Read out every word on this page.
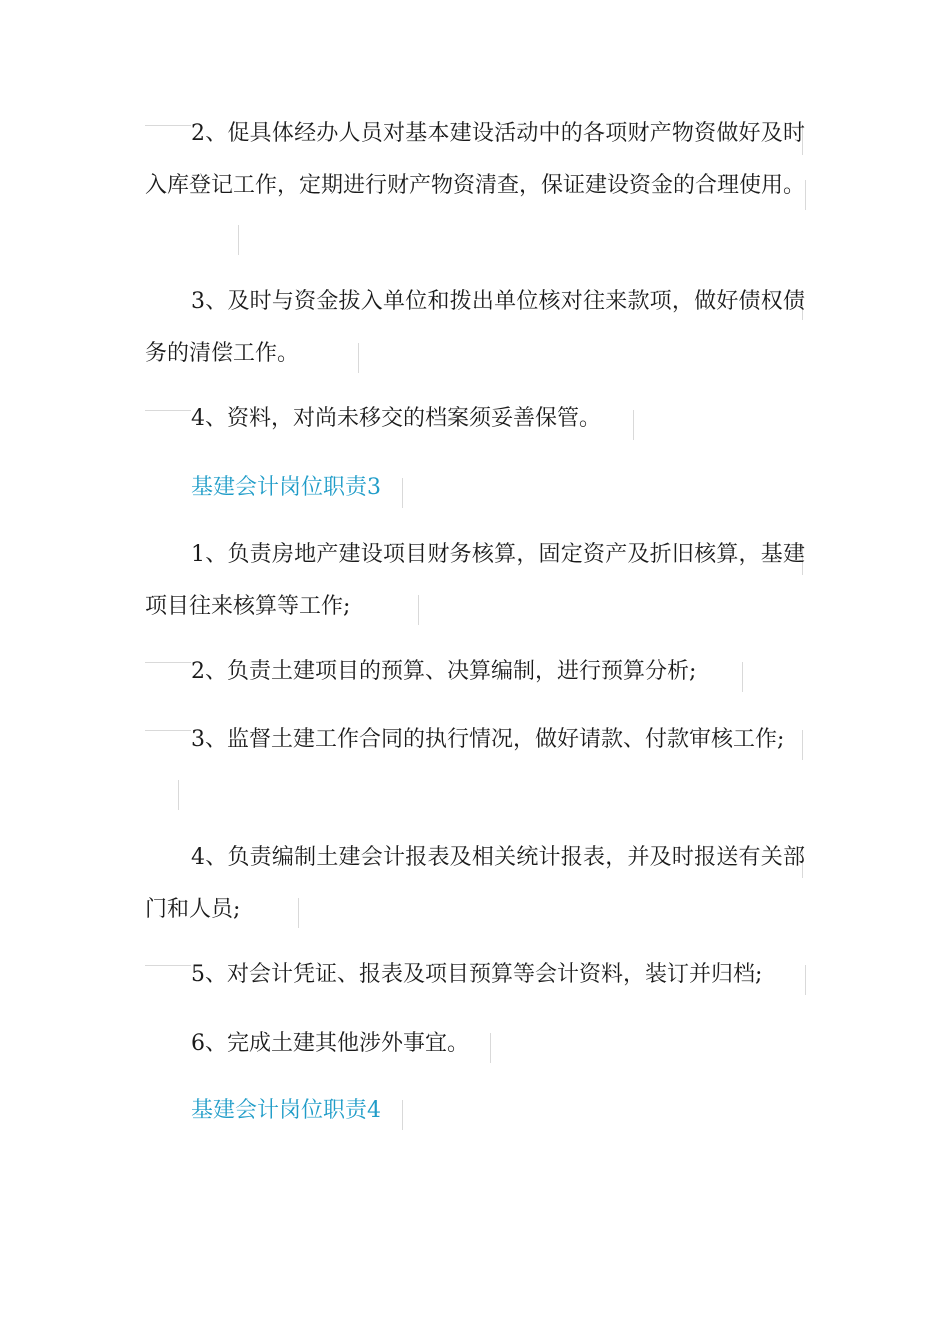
2、促具体经办人员对基本建设活动中的各项财产物资做好及时入库登记工作，定期进行财产物资清查，保证建设资金的合理使用。

3、及时与资金拔入单位和拨出单位核对往来款项，做好债权债务的清偿工作。

4、资料，对尚未移交的档案须妥善保管。

基建会计岗位职责3

1、负责房地产建设项目财务核算，固定资产及折旧核算，基建项目往来核算等工作;

2、负责土建项目的预算、决算编制，进行预算分析;

3、监督土建工作合同的执行情况，做好请款、付款审核工作;

4、负责编制土建会计报表及相关统计报表，并及时报送有关部门和人员;

5、对会计凭证、报表及项目预算等会计资料，装订并归档;

6、完成土建其他涉外事宜。

基建会计岗位职责4
